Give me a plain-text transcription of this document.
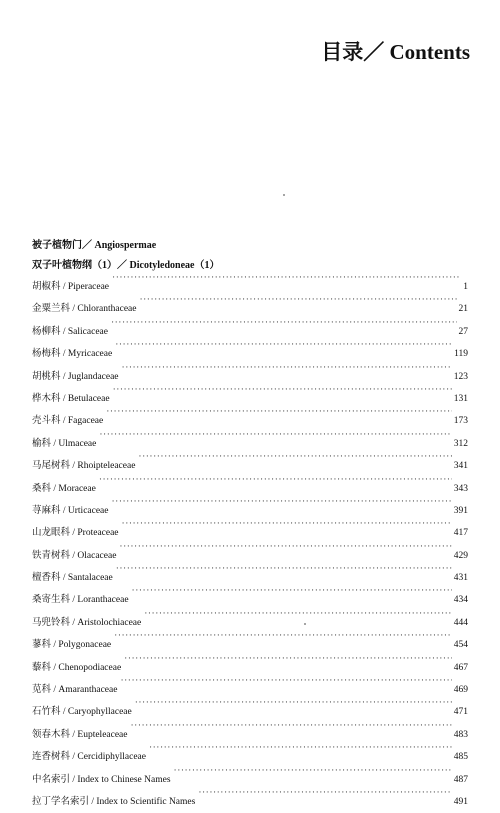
目录／ Contents
被子植物门／ Angiospermae
双子叶植物纲（1）／ Dicotyledoneae（1）
胡椒科 / Piperaceae ·····	1
金粟兰科 / Chloranthaceae ·····	21
杨柳科 / Salicaceae ·····	27
杨梅科 / Myricaceae ·····	119
胡桃科 / Juglandaceae ·····	123
桦木科 / Betulaceae ·····	131
壳斗科 / Fagaceae ·····	173
榆科 / Ulmaceae ·····	312
马尾树科 / Rhoipteleaceae ·····	341
桑科 / Moraceae ·····	343
荨麻科 / Urticaceae ·····	391
山龙眼科 / Proteaceae ·····	417
铁青树科 / Olacaceae ·····	429
檀香科 / Santalaceae ·····	431
桑寄生科 / Loranthaceae ·····	434
马兜铃科 / Aristolochiaceae ·····	444
蓼科 / Polygonaceae ·····	454
藜科 / Chenopodiaceae ·····	467
苋科 / Amaranthaceae ·····	469
石竹科 / Caryophyllaceae ·····	471
领春木科 / Eupteleaceae ·····	483
连香树科 / Cercidiphyllaceae ·····	485
中名索引 / Index to Chinese Names ·····	487
拉丁学名索引 / Index to Scientific Names ·····	491
